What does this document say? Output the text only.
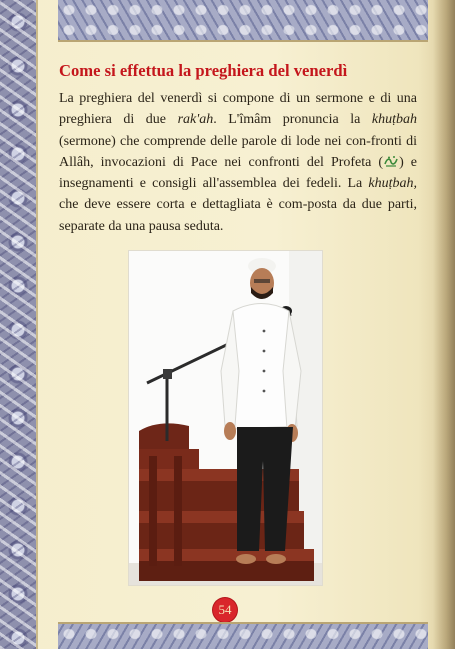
Come si effettua la preghiera del venerdì

La preghiera del venerdì si compone di un sermone e di una preghiera di due rak'ah. L'îmâm pronuncia la khuṭbah (sermone) che comprende delle parole di lode nei con-fronti di Allâh, invocazioni di Pace nei confronti del Profeta ( ) e insegnamenti e consigli all'assemblea dei fedeli. La khuṭbah, che deve essere corta e dettagliata è com-posta da due parti, separate da una pausa seduta.

54
